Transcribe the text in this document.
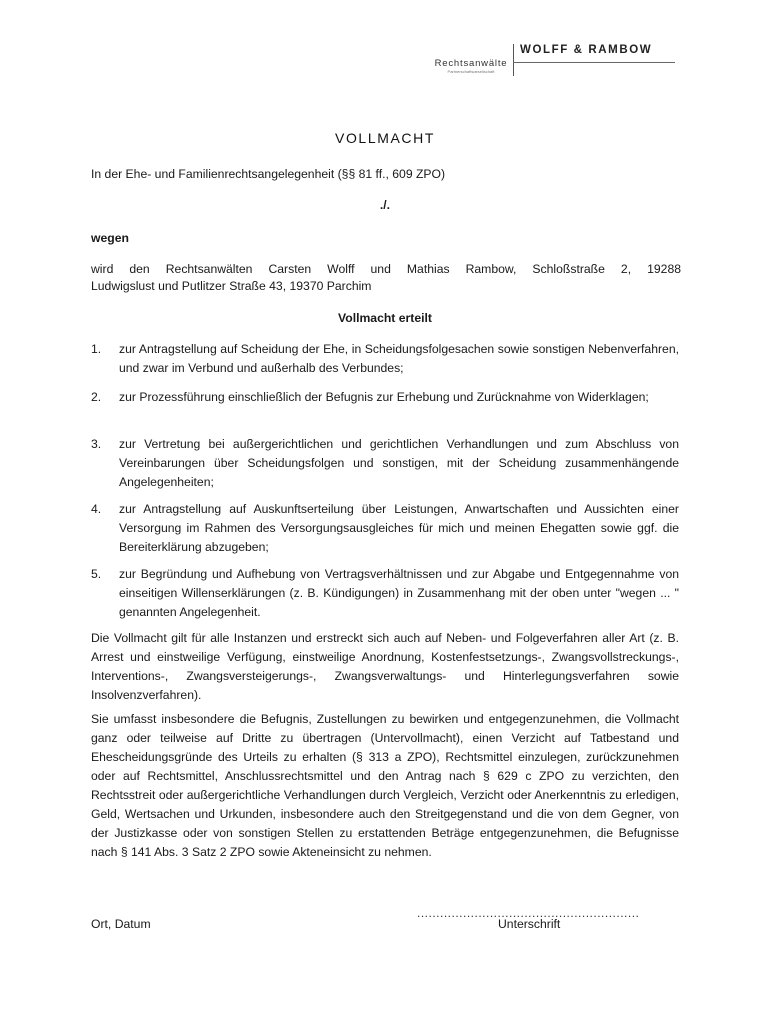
WOLFF & RAMBOW
Rechtsanwälte
Partnerschaftsgesellschaft
VOLLMACHT
In der Ehe- und Familienrechtsangelegenheit (§§ 81 ff., 609 ZPO)
./.
wegen
wird den Rechtsanwälten Carsten Wolff und Mathias Rambow, Schloßstraße 2, 19288
Ludwigslust und Putlitzer Straße 43, 19370 Parchim
Vollmacht erteilt
1. zur Antragstellung auf Scheidung der Ehe, in Scheidungsfolgesachen sowie sonstigen Nebenverfahren, und zwar im Verbund und außerhalb des Verbundes;
2. zur Prozessführung einschließlich der Befugnis zur Erhebung und Zurücknahme von Widerklagen;
3. zur Vertretung bei außergerichtlichen und gerichtlichen Verhandlungen und zum Abschluss von Vereinbarungen über Scheidungsfolgen und sonstigen, mit der Scheidung zusammenhängende Angelegenheiten;
4. zur Antragstellung auf Auskunftserteilung über Leistungen, Anwartschaften und Aussichten einer Versorgung im Rahmen des Versorgungsausgleiches für mich und meinen Ehegatten sowie ggf. die Bereiterklärung abzugeben;
5. zur Begründung und Aufhebung von Vertragsverhältnissen und zur Abgabe und Entgegennahme von einseitigen Willenserklärungen (z. B. Kündigungen) in Zusammenhang mit der oben unter "wegen ... " genannten Angelegenheit.
Die Vollmacht gilt für alle Instanzen und erstreckt sich auch auf Neben- und Folgeverfahren aller Art (z. B. Arrest und einstweilige Verfügung, einstweilige Anordnung, Kostenfestsetzungs-, Zwangsvollstreckungs-, Interventions-, Zwangsversteigerungs-, Zwangsverwaltungs- und Hinterlegungsverfahren sowie Insolvenzverfahren).
Sie umfasst insbesondere die Befugnis, Zustellungen zu bewirken und entgegenzunehmen, die Vollmacht ganz oder teilweise auf Dritte zu übertragen (Untervollmacht), einen Verzicht auf Tatbestand und Ehescheidungsgründe des Urteils zu erhalten (§ 313 a ZPO), Rechtsmittel einzulegen, zurückzunehmen oder auf Rechtsmittel, Anschlussrechtsmittel und den Antrag nach § 629 c ZPO zu verzichten, den Rechtsstreit oder außergerichtliche Verhandlungen durch Vergleich, Verzicht oder Anerkenntnis zu erledigen, Geld, Wertsachen und Urkunden, insbesondere auch den Streitgegenstand und die von dem Gegner, von der Justizkasse oder von sonstigen Stellen zu erstattenden Beträge entgegenzunehmen, die Befugnisse nach § 141 Abs. 3 Satz 2 ZPO sowie Akteneinsicht zu nehmen.
..........................................................
Ort, Datum	Unterschrift
